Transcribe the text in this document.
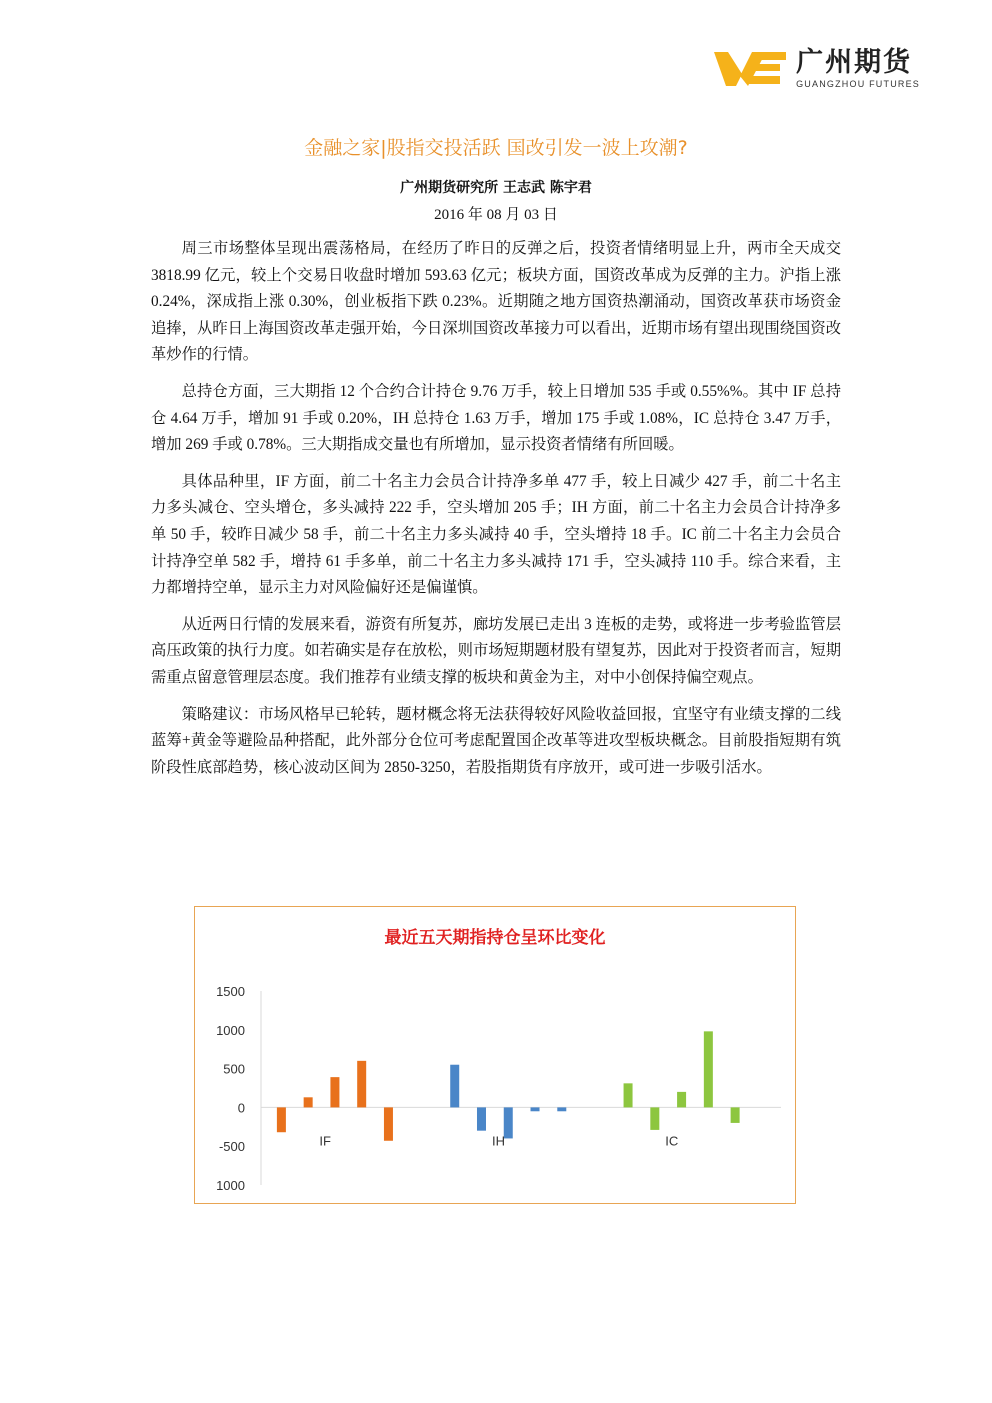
广州期货
GUANGZHOU FUTURES
金融之家|股指交投活跃 国改引发一波上攻潮?
广州期货研究所 王志武 陈宇君
2016 年 08 月 03 日

周三市场整体呈现出震荡格局，在经历了昨日的反弹之后，投资者情绪明显上升，两市全天成交 3818.99 亿元，较上个交易日收盘时增加 593.63 亿元；板块方面，国资改革成为反弹的主力。沪指上涨 0.24%，深成指上涨 0.30%，创业板指下跌 0.23%。近期随之地方国资热潮涌动，国资改革获市场资金追捧，从昨日上海国资改革走强开始，今日深圳国资改革接力可以看出，近期市场有望出现围绕国资改革炒作的行情。

总持仓方面，三大期指 12 个合约合计持仓 9.76 万手，较上日增加 535 手或 0.55%%。其中 IF 总持仓 4.64 万手，增加 91 手或 0.20%，IH 总持仓 1.63 万手，增加 175 手或 1.08%，IC 总持仓 3.47 万手，增加 269 手或 0.78%。三大期指成交量也有所增加，显示投资者情绪有所回暖。

具体品种里，IF 方面，前二十名主力会员合计持净多单 477 手，较上日减少 427 手，前二十名主力多头减仓、空头增仓，多头减持 222 手，空头增加 205 手；IH 方面，前二十名主力会员合计持净多单 50 手，较昨日减少 58 手，前二十名主力多头减持 40 手，空头增持 18 手。IC 前二十名主力会员合计持净空单 582 手，增持 61 手多单，前二十名主力多头减持 171 手，空头减持 110 手。综合来看，主力都增持空单，显示主力对风险偏好还是偏谨慎。

从近两日行情的发展来看，游资有所复苏，廊坊发展已走出 3 连板的走势，或将进一步考验监管层高压政策的执行力度。如若确实是存在放松，则市场短期题材股有望复苏，因此对于投资者而言，短期需重点留意管理层态度。我们推荐有业绩支撑的板块和黄金为主，对中小创保持偏空观点。

策略建议：市场风格早已轮转，题材概念将无法获得较好风险收益回报，宜坚守有业绩支撑的二线蓝筹+黄金等避险品种搭配，此外部分仓位可考虑配置国企改革等进攻型板块概念。目前股指短期有筑阶段性底部趋势，核心波动区间为 2850-3250，若股指期货有序放开，或可进一步吸引活水。

最近五天期指持仓呈环比变化
1500
1000
500
0
-500
1000
IF	IH	IC
